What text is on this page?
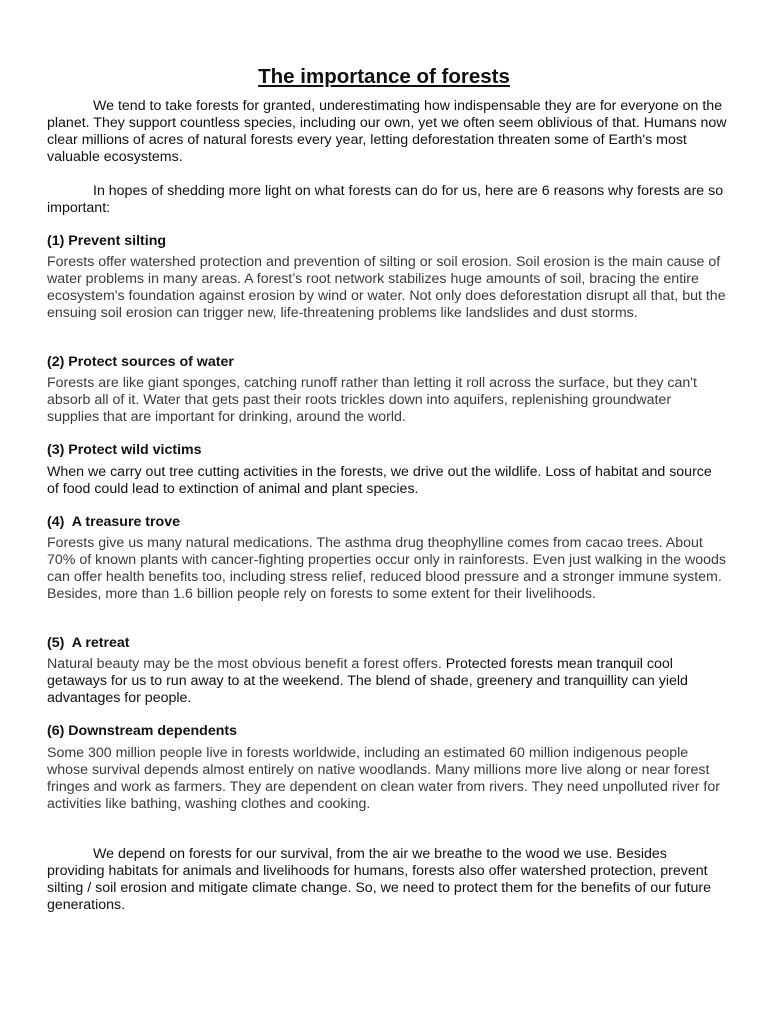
The importance of forests

We tend to take forests for granted, underestimating how indispensable they are for everyone on the planet. They support countless species, including our own, yet we often seem oblivious of that. Humans now clear millions of acres of natural forests every year, letting deforestation threaten some of Earth's most valuable ecosystems.

In hopes of shedding more light on what forests can do for us, here are 6 reasons why forests are so important:

(1) Prevent silting

Forests offer watershed protection and prevention of silting or soil erosion. Soil erosion is the main cause of water problems in many areas. A forest’s root network stabilizes huge amounts of soil, bracing the entire ecosystem's foundation against erosion by wind or water. Not only does deforestation disrupt all that, but the ensuing soil erosion can trigger new, life-threatening problems like landslides and dust storms.

(2) Protect sources of water

Forests are like giant sponges, catching runoff rather than letting it roll across the surface, but they can't absorb all of it. Water that gets past their roots trickles down into aquifers, replenishing groundwater supplies that are important for drinking, around the world.

(3) Protect wild victims

When we carry out tree cutting activities in the forests, we drive out the wildlife. Loss of habitat and source of food could lead to extinction of animal and plant species.

(4)  A treasure trove

Forests give us many natural medications. The asthma drug theophylline comes from cacao trees. About 70% of known plants with cancer-fighting properties occur only in rainforests. Even just walking in the woods can offer health benefits too, including stress relief, reduced blood pressure and a stronger immune system. Besides, more than 1.6 billion people rely on forests to some extent for their livelihoods.

(5)  A retreat

Natural beauty may be the most obvious benefit a forest offers. Protected forests mean tranquil cool getaways for us to run away to at the weekend. The blend of shade, greenery and tranquillity can yield advantages for people.

(6) Downstream dependents

Some 300 million people live in forests worldwide, including an estimated 60 million indigenous people whose survival depends almost entirely on native woodlands. Many millions more live along or near forest fringes and work as farmers. They are dependent on clean water from rivers. They need unpolluted river for activities like bathing, washing clothes and cooking.

We depend on forests for our survival, from the air we breathe to the wood we use. Besides providing habitats for animals and livelihoods for humans, forests also offer watershed protection, prevent silting / soil erosion and mitigate climate change. So, we need to protect them for the benefits of our future generations.
